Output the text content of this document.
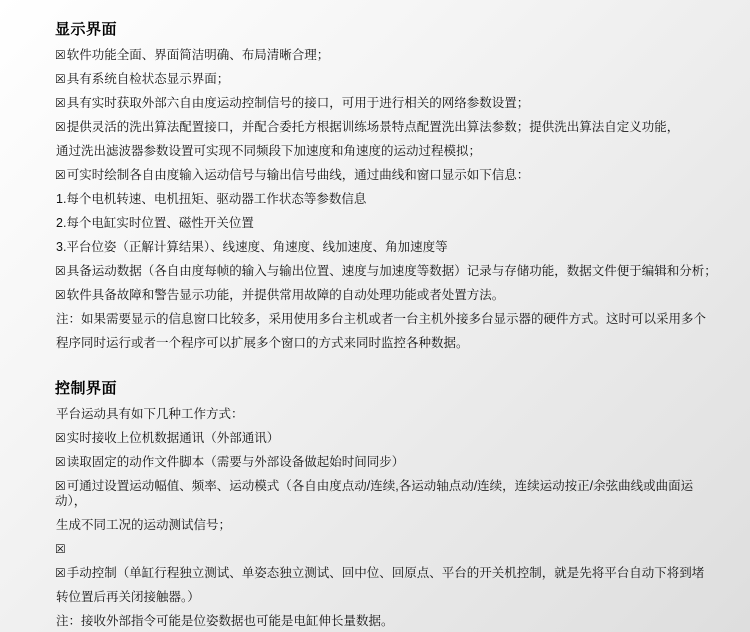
显示界面

☒软件功能全面、界面简洁明确、布局清晰合理；

☒具有系统自检状态显示界面；

☒具有实时获取外部六自由度运动控制信号的接口，可用于进行相关的网络参数设置；

☒提供灵活的洗出算法配置接口，并配合委托方根据训练场景特点配置洗出算法参数；提供洗出算法自定义功能，

通过洗出滤波器参数设置可实现不同频段下加速度和角速度的运动过程模拟；

☒可实时绘制各自由度输入运动信号与输出信号曲线，通过曲线和窗口显示如下信息：

1.每个电机转速、电机扭矩、驱动器工作状态等参数信息

2.每个电缸实时位置、磁性开关位置

3.平台位姿（正解计算结果）、线速度、角速度、线加速度、角加速度等

☒具备运动数据（各自由度每帧的输入与输出位置、速度与加速度等数据）记录与存储功能，数据文件便于编辑和分析；

☒软件具备故障和警告显示功能，并提供常用故障的自动处理功能或者处置方法。

注：如果需要显示的信息窗口比较多，采用使用多台主机或者一台主机外接多台显示器的硬件方式。这时可以采用多个

程序同时运行或者一个程序可以扩展多个窗口的方式来同时监控各种数据。

控制界面

平台运动具有如下几种工作方式：

☒实时接收上位机数据通讯（外部通讯）

☒读取固定的动作文件脚本（需要与外部设备做起始时间同步）

☒可通过设置运动幅值、频率、运动模式（各自由度点动/连续,各运动轴点动/连续，连续运动按正/余弦曲线或曲面运动），

生成不同工况的运动测试信号；

☒

☒手动控制（单缸行程独立测试、单姿态独立测试、回中位、回原点、平台的开关机控制，就是先将平台自动下将到堵

转位置后再关闭接触器。）

注：接收外部指令可能是位姿数据也可能是电缸伸长量数据。
